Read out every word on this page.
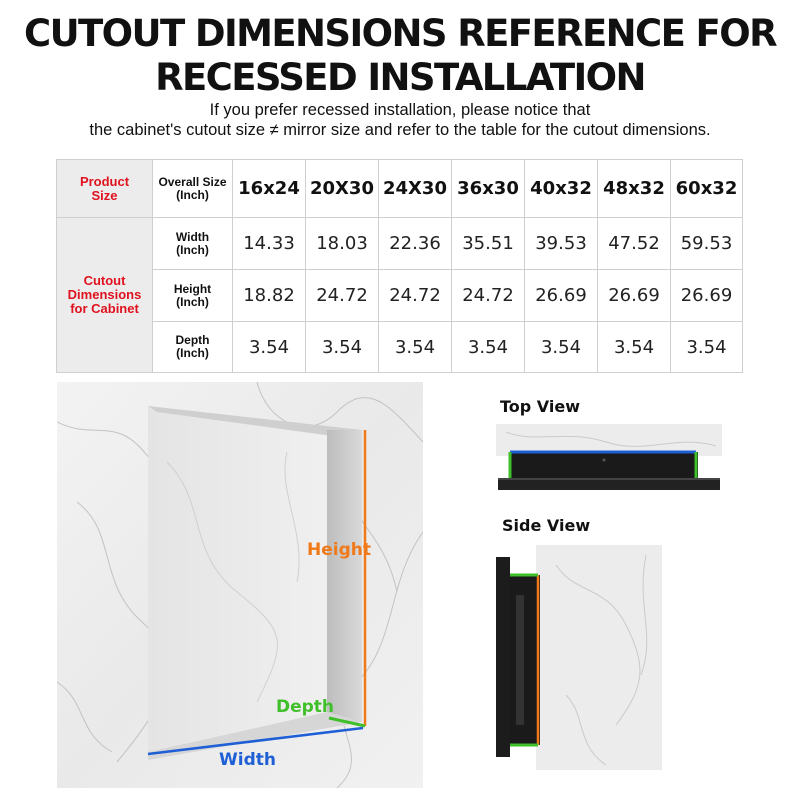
CUTOUT DIMENSIONS REFERENCE FOR
RECESSED INSTALLATION
If you prefer recessed installation, please notice that
the cabinet's cutout size ≠ mirror size and refer to the table for the cutout dimensions.
Product Size	Overall Size (Inch)	16x24	20X30	24X30	36x30	40x32	48x32	60x32
Cutout Dimensions for Cabinet	Width (Inch)	14.33	18.03	22.36	35.51	39.53	47.52	59.53
	Height (Inch)	18.82	24.72	24.72	24.72	26.69	26.69	26.69
	Depth (Inch)	3.54	3.54	3.54	3.54	3.54	3.54	3.54
Height
Depth
Width
Top View
Side View
